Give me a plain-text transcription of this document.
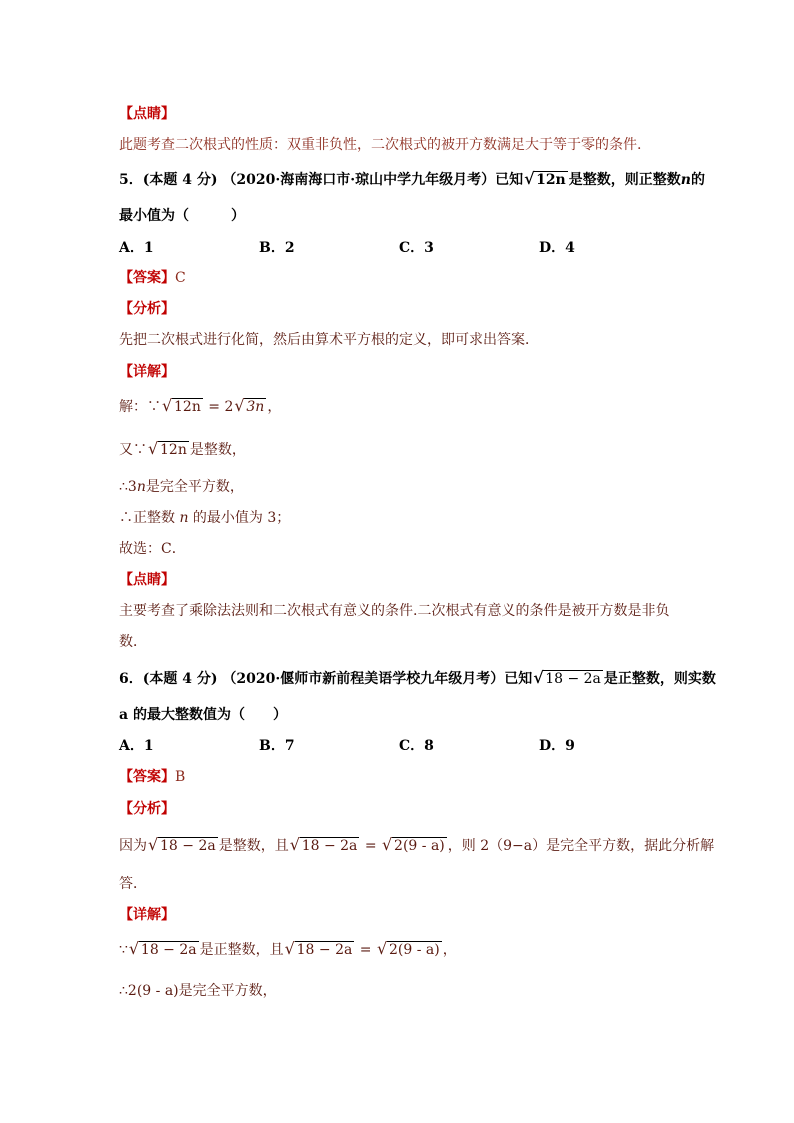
【点睛】
此题考查二次根式的性质：双重非负性，二次根式的被开方数满足大于等于零的条件.
5．(本题 4 分) （2020·海南海口市·琼山中学九年级月考）已知 √ 12n 是整数，则正整数n的
最小值为（　　　）
A．1	B．2	C．3	D．4
【答案】C
【分析】
先把二次根式进行化简，然后由算术平方根的定义，即可求出答案．
【详解】
解：∵ √ 12n = 2 √ 3n ，
又∵ √ 12n 是整数，
∴3n是完全平方数，
∴正整数 n 的最小值为 3；
故选：C．
【点睛】
主要考查了乘除法法则和二次根式有意义的条件.二次根式有意义的条件是被开方数是非负
数．
6．(本题 4 分) （2020·偃师市新前程美语学校九年级月考）已知 √ 18 − 2a 是正整数，则实数
a 的最大整数值为（　　）
A．1	B．7	C．8	D．9
【答案】B
【分析】
因为 √ 18 − 2a 是整数，且 √ 18 − 2a = √ 2(9 - a) ，则 2（9−a）是完全平方数，据此分析解
答．
【详解】
∵ √ 18 − 2a 是正整数，且 √ 18 − 2a = √ 2(9 - a) ，
∴2(9 - a)是完全平方数，
